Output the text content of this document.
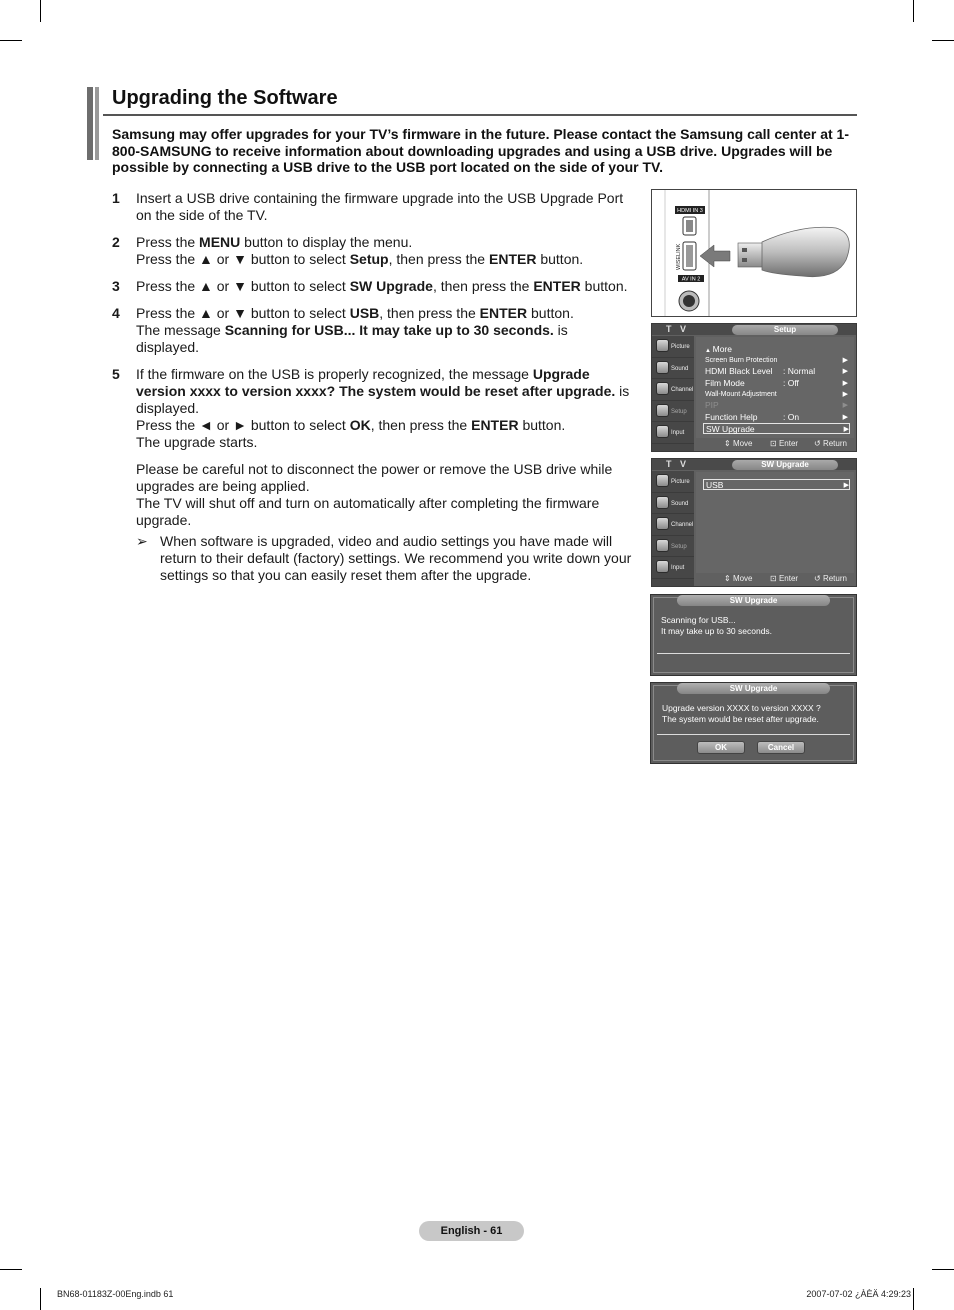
Upgrading the Software

Samsung may offer upgrades for your TV’s firmware in the future. Please contact the Samsung call center at 1-800-SAMSUNG to receive information about downloading upgrades and using a USB drive. Upgrades will be possible by connecting a USB drive to the USB port located on the side of your TV.

1 Insert a USB drive containing the firmware upgrade into the USB Upgrade Port on the side of the TV.

2 Press the MENU button to display the menu.

Press the ▲ or ▼ button to select Setup, then press the ENTER button.

3 Press the ▲ or ▼ button to select SW Upgrade, then press the ENTER button.

4 Press the ▲ or ▼ button to select USB, then press the ENTER button.

The message Scanning for USB... It may take up to 30 seconds. is displayed.

5 If the firmware on the USB is properly recognized, the message Upgrade version xxxx to version xxxx? The system would be reset after upgrade. is displayed.

Press the ◄ or ► button to select OK, then press the ENTER button.

The upgrade starts.

Please be careful not to disconnect the power or remove the USB drive while upgrades are being applied.

The TV will shut off and turn on automatically after completing the firmware upgrade.

➢ When software is upgraded, video and audio settings you have made will return to their default (factory) settings. We recommend you write down your settings so that you can easily reset them after the upgrade.

HDMI IN 3
WISELINK
AV IN 2
T V	Setup
Picture
Sound
Channel
Setup
Input
▲ More
Screen Burn Protection	▶
HDMI Black Level : Normal	▶
Film Mode	: Off	▶
Wall-Mount Adjustment	▶
PIP	▶
Function Help	: On	▶
SW Upgrade	▶
⇕ Move ⊡ Enter ↺ Return
T V	SW Upgrade
Picture
Sound
Channel
Setup
Input
USB	▶
⇕ Move ⊡ Enter ↺ Return
SW Upgrade
Scanning for USB...
It may take up to 30 seconds.
SW Upgrade
Upgrade version XXXX to version XXXX ?
The system would be reset after upgrade.
OK	Cancel
English - 61
BN68-01183Z-00Eng.indb 61	2007-07-02 ¿ÀÈÄ 4:29:23
